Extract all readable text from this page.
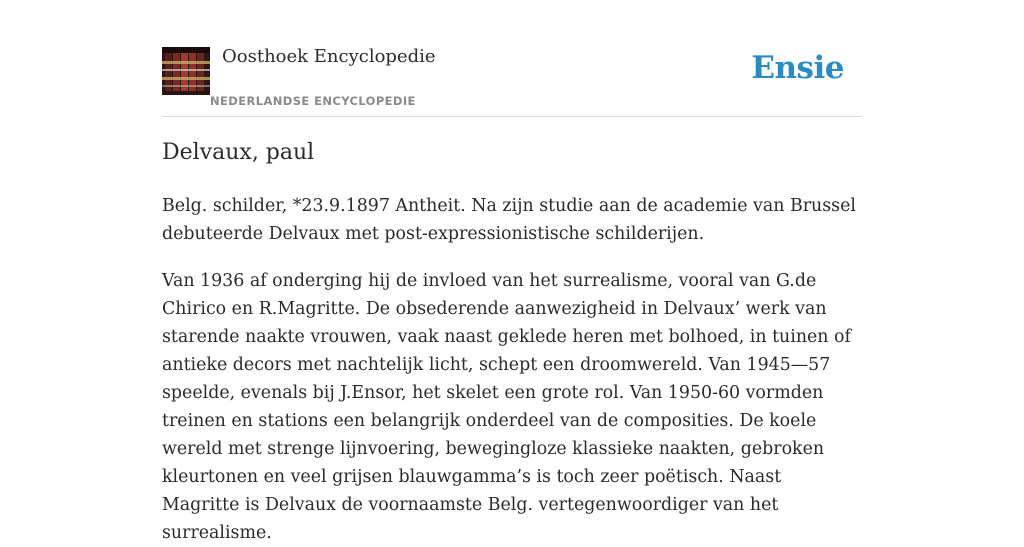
Oosthoek Encyclopedie
NEDERLANDSE ENCYCLOPEDIE
Ensie
Delvaux, paul

Belg. schilder, *23.9.1897 Antheit. Na zijn studie aan de academie van Brussel debuteerde Delvaux met post-expressionistische schilderijen.

Van 1936 af onderging hij de invloed van het surrealisme, vooral van G.de Chirico en R.Magritte. De obsederende aanwezigheid in Delvaux’ werk van starende naakte vrouwen, vaak naast geklede heren met bolhoed, in tuinen of antieke decors met nachtelijk licht, schept een droomwereld. Van 1945—57 speelde, evenals bij J.Ensor, het skelet een grote rol. Van 1950-60 vormden treinen en stations een belangrijk onderdeel van de composities. De koele wereld met strenge lijnvoering, bewegingloze klassieke naakten, gebroken kleurtonen en veel grijsen blauwgamma’s is toch zeer poëtisch. Naast Magritte is Delvaux de voornaamste Belg. vertegenwoordiger van het surrealisme.
